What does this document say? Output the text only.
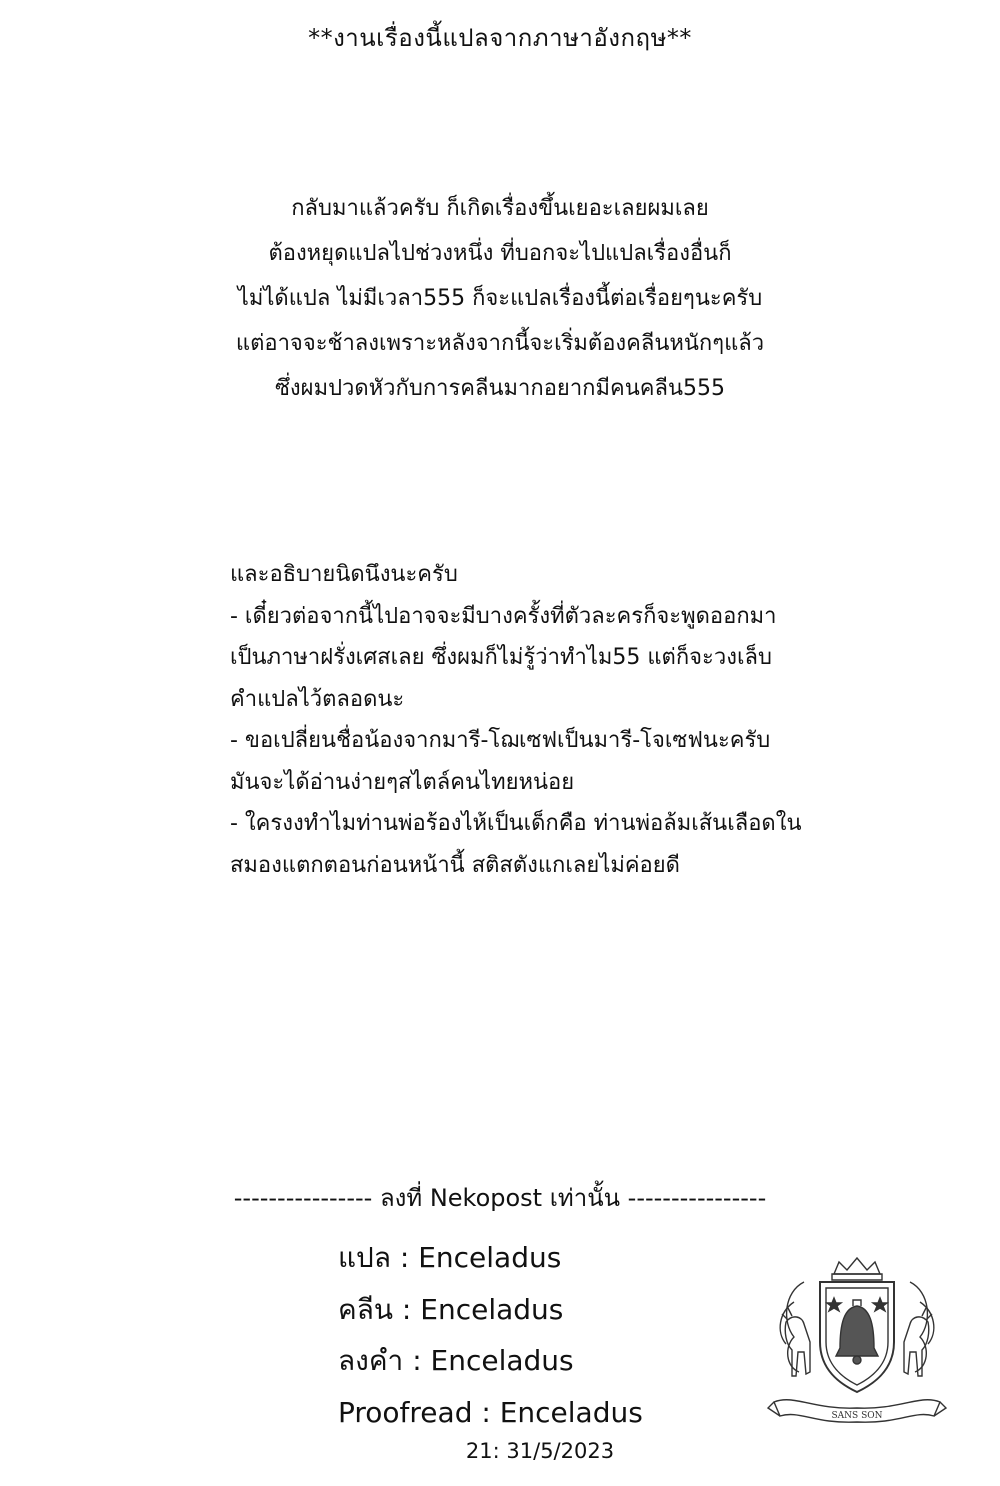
**งานเรื่องนี้แปลจากภาษาอังกฤษ**

กลับมาแล้วครับ ก็เกิดเรื่องขึ้นเยอะเลยผมเลย

ต้องหยุดแปลไปช่วงหนึ่ง ที่บอกจะไปแปลเรื่องอื่นก็

ไม่ได้แปล ไม่มีเวลา555 ก็จะแปลเรื่องนี้ต่อเรื่อยๆนะครับ

แต่อาจจะช้าลงเพราะหลังจากนี้จะเริ่มต้องคลีนหนักๆแล้ว

ซึ่งผมปวดหัวกับการคลีนมากอยากมีคนคลีน555

และอธิบายนิดนึงนะครับ

- เดี๋ยวต่อจากนี้ไปอาจจะมีบางครั้งที่ตัวละครก็จะพูดออกมา

เป็นภาษาฝรั่งเศสเลย ซึ่งผมก็ไม่รู้ว่าทำไม55 แต่ก็จะวงเล็บ

คำแปลไว้ตลอดนะ

- ขอเปลี่ยนชื่อน้องจากมารี-โฌเซฟเป็นมารี-โจเซฟนะครับ

มันจะได้อ่านง่ายๆสไตล์คนไทยหน่อย

- ใครงงทำไมท่านพ่อร้องไห้เป็นเด็กคือ ท่านพ่อล้มเส้นเลือดใน

สมองแตกตอนก่อนหน้านี้ สติสตังแกเลยไม่ค่อยดี

---------------- ลงที่ Nekopost เท่านั้น ----------------
แปล : Enceladus
คลีน : Enceladus
ลงคำ : Enceladus
Proofread : Enceladus
21: 31/5/2023
SANS SON
